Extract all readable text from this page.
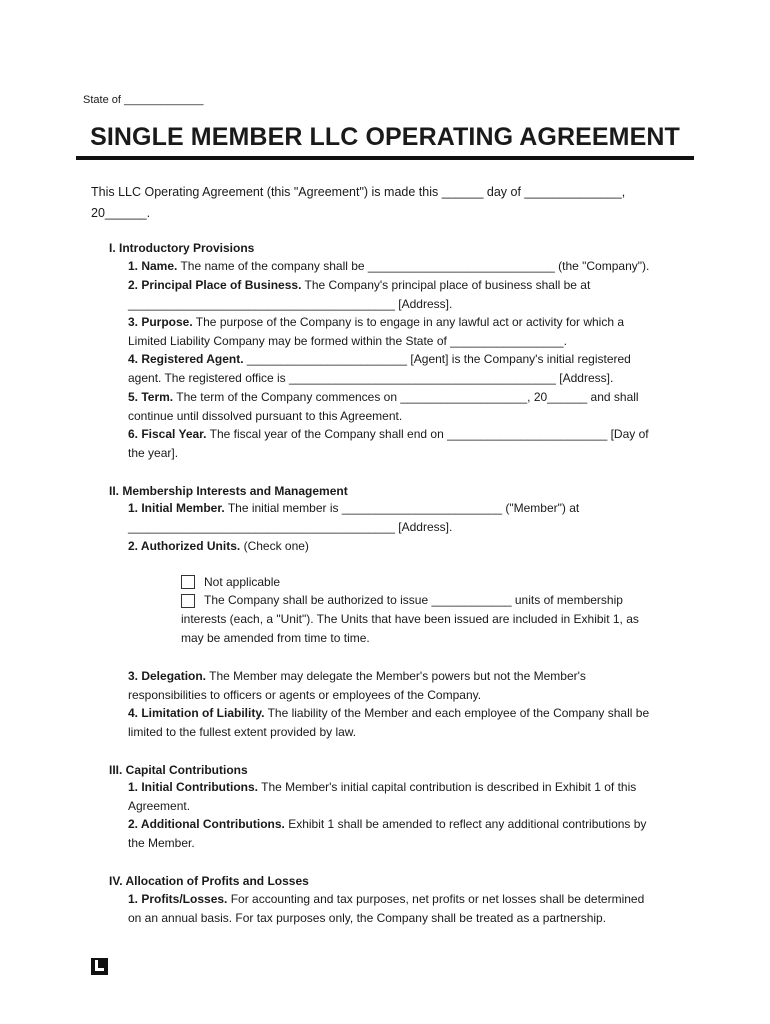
State of _____________
SINGLE MEMBER LLC OPERATING AGREEMENT
This LLC Operating Agreement (this "Agreement") is made this ______ day of ______________,
20______.
I. Introductory Provisions
1. Name. The name of the company shall be ____________________________ (the "Company").
2. Principal Place of Business. The Company's principal place of business shall be at
________________________________________ [Address].
3. Purpose. The purpose of the Company is to engage in any lawful act or activity for which a
Limited Liability Company may be formed within the State of _________________.
4. Registered Agent. ________________________ [Agent] is the Company's initial registered
agent. The registered office is ________________________________________ [Address].
5. Term. The term of the Company commences on ___________________, 20______ and shall
continue until dissolved pursuant to this Agreement.
6. Fiscal Year. The fiscal year of the Company shall end on ________________________ [Day of
the year].
II. Membership Interests and Management
1. Initial Member. The initial member is ________________________ ("Member") at
________________________________________ [Address].
2. Authorized Units. (Check one)
Not applicable
The Company shall be authorized to issue ____________ units of membership
interests (each, a "Unit"). The Units that have been issued are included in Exhibit 1, as
may be amended from time to time.
3. Delegation. The Member may delegate the Member's powers but not the Member's
responsibilities to officers or agents or employees of the Company.
4. Limitation of Liability. The liability of the Member and each employee of the Company shall be
limited to the fullest extent provided by law.
III. Capital Contributions
1. Initial Contributions. The Member's initial capital contribution is described in Exhibit 1 of this
Agreement.
2. Additional Contributions. Exhibit 1 shall be amended to reflect any additional contributions by
the Member.
IV. Allocation of Profits and Losses
1. Profits/Losses. For accounting and tax purposes, net profits or net losses shall be determined
on an annual basis. For tax purposes only, the Company shall be treated as a partnership.
